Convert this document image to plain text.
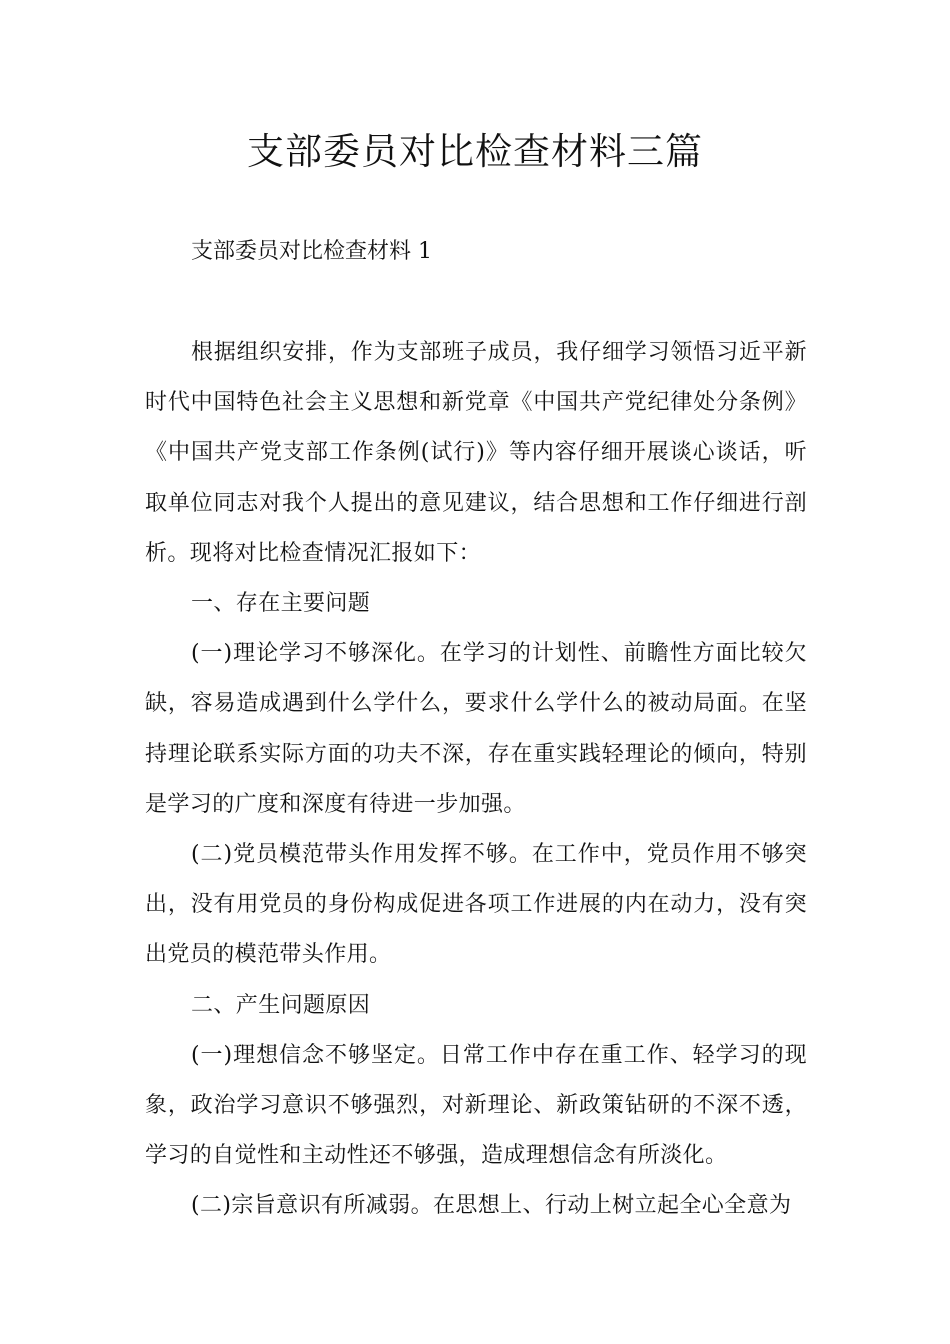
支部委员对比检查材料三篇

支部委员对比检查材料 1

根据组织安排，作为支部班子成员，我仔细学习领悟习近平新时代中国特色社会主义思想和新党章《中国共产党纪律处分条例》《中国共产党支部工作条例(试行)》等内容仔细开展谈心谈话，听取单位同志对我个人提出的意见建议，结合思想和工作仔细进行剖析。现将对比检查情况汇报如下：

一、存在主要问题

(一)理论学习不够深化。在学习的计划性、前瞻性方面比较欠缺，容易造成遇到什么学什么，要求什么学什么的被动局面。在坚持理论联系实际方面的功夫不深，存在重实践轻理论的倾向，特别是学习的广度和深度有待进一步加强。

(二)党员模范带头作用发挥不够。在工作中，党员作用不够突出，没有用党员的身份构成促进各项工作进展的内在动力，没有突出党员的模范带头作用。

二、产生问题原因

(一)理想信念不够坚定。日常工作中存在重工作、轻学习的现象，政治学习意识不够强烈，对新理论、新政策钻研的不深不透，学习的自觉性和主动性还不够强，造成理想信念有所淡化。

(二)宗旨意识有所减弱。在思想上、行动上树立起全心全意为
